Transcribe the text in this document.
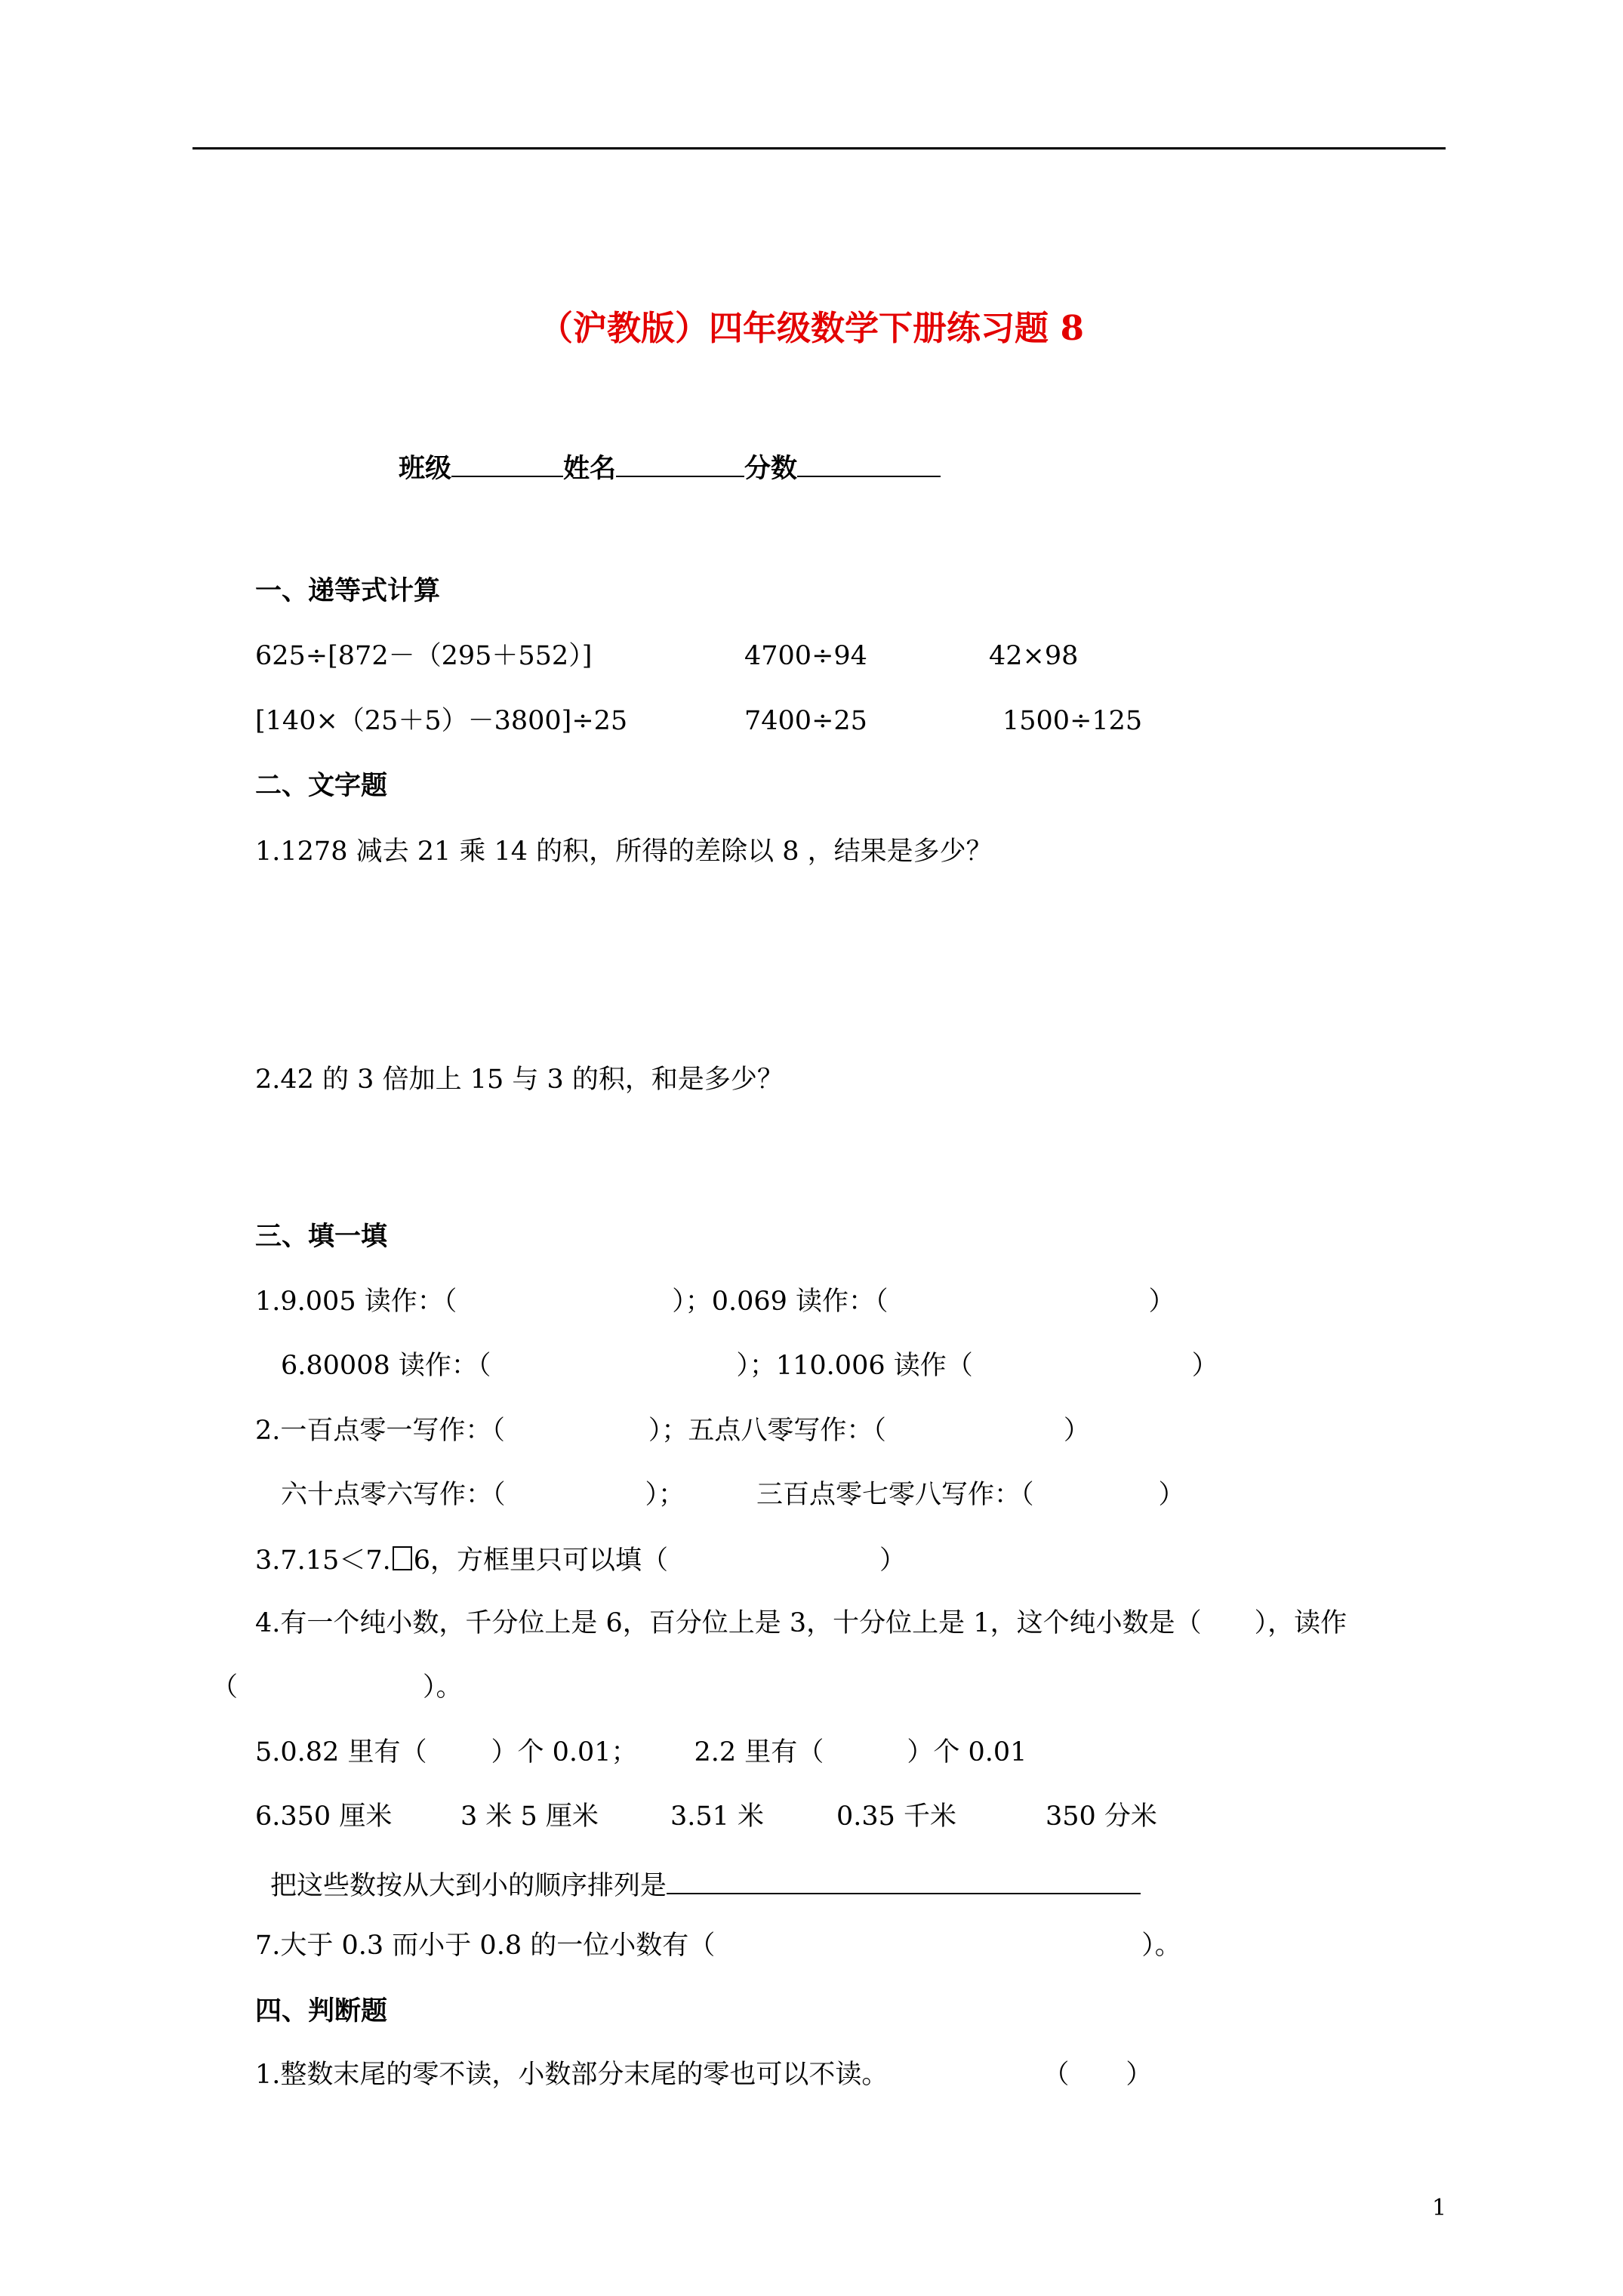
（沪教版）四年级数学下册练习题 8
班级	姓名	分数
一、递等式计算
625÷[872－（295＋552）]	4700÷94	42×98
[140×（25＋5）－3800]÷25	7400÷25	1500÷125
二、文字题
1.1278 减去 21 乘 14 的积，所得的差除以 8 ，结果是多少？
2.42 的 3 倍加上 15 与 3 的积，和是多少？
三、填一填
1.9.005 读作：（	）；0.069 读作：（	）
6.80008 读作：（	）；110.006 读作（	）
2.一百点零一写作：（	）；五点八零写作：（	）
六十点零六写作：（	）；	三百点零七零八写作：（	）
3.7.15＜7. 6，方框里只可以填（	）
4.有一个纯小数，千分位上是 6，百分位上是 3，十分位上是 1，这个纯小数是（ ），读作
（	）。
5.0.82 里有（ ）个 0.01； 2.2 里有（	）个 0.01
6.350 厘米	3 米 5 厘米	3.51 米	0.35 千米	350 分米
把这些数按从大到小的顺序排列是
7.大于 0.3 而小于 0.8 的一位小数有（	）。
四、判断题
1.整数末尾的零不读，小数部分末尾的零也可以不读。	（ ）
1
